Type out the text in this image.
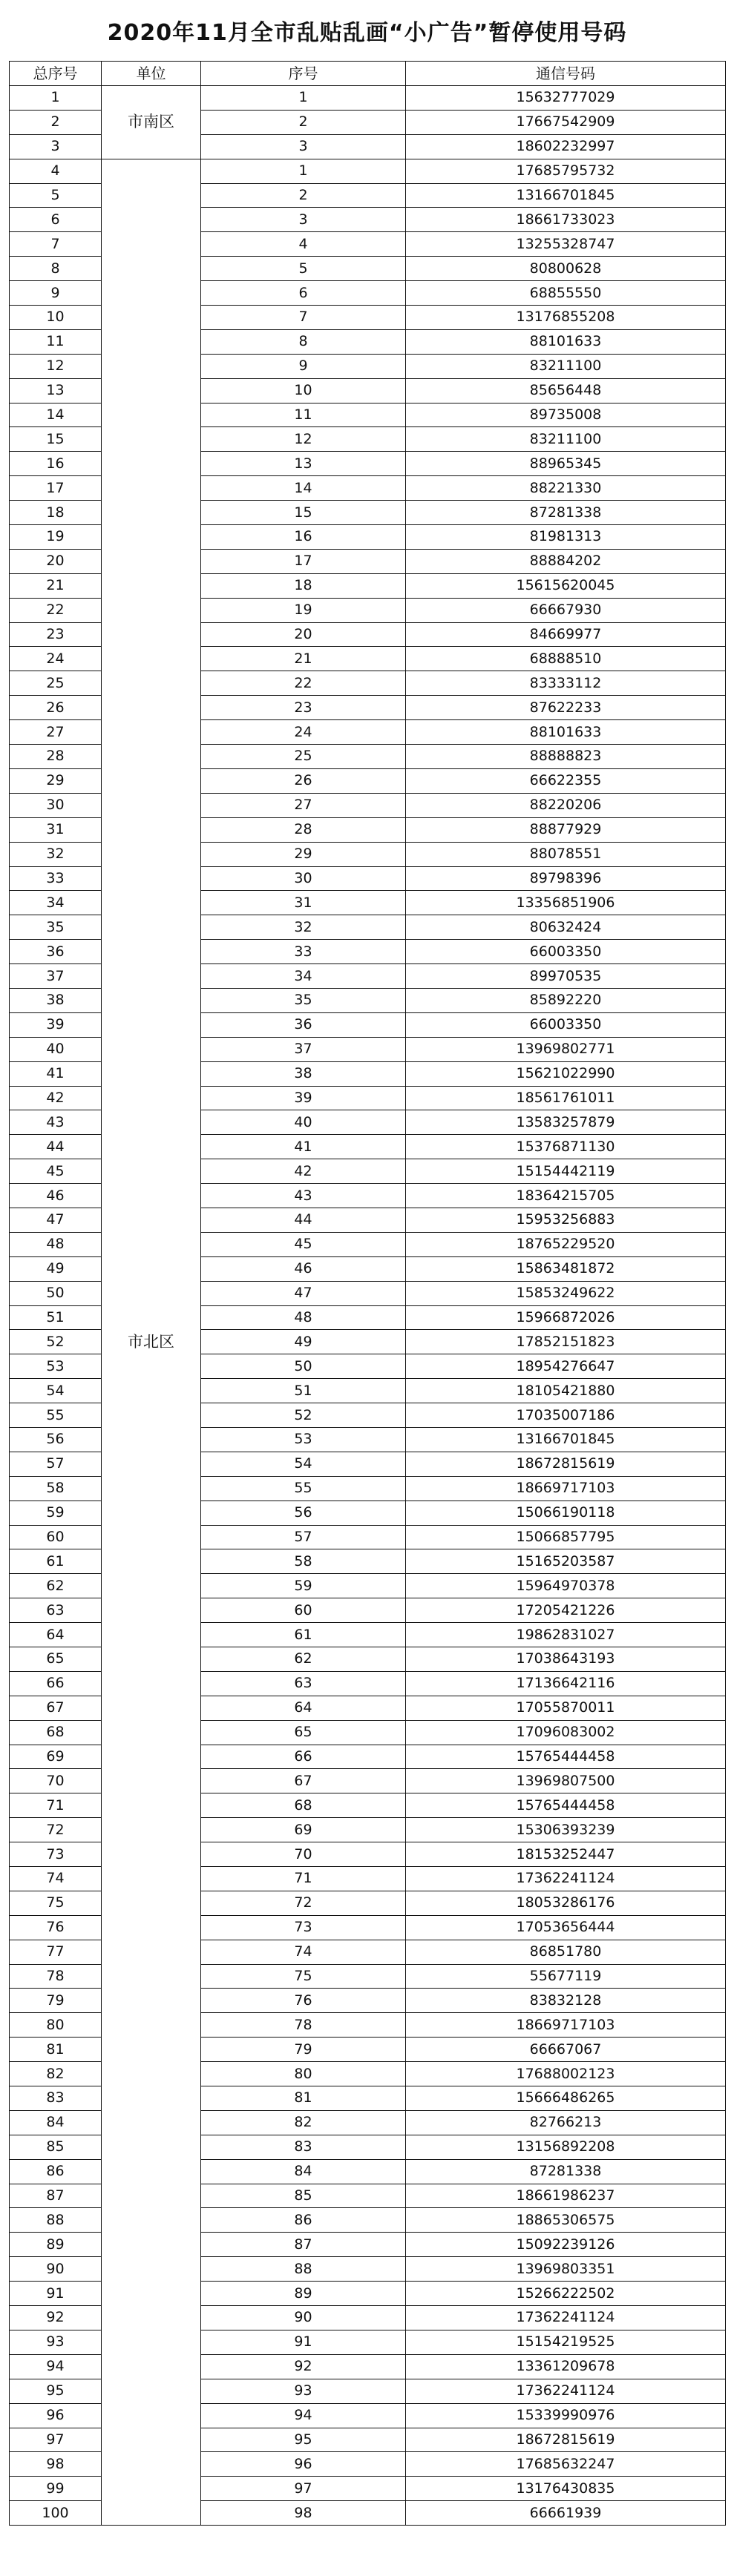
2020年11月全市乱贴乱画“小广告”暂停使用号码
总序号	单位	序号	通信号码
1	市南区	1	15632777029
2		2	17667542909
3		3	18602232997
4	市北区	1	17685795732
5		2	13166701845
6		3	18661733023
7		4	13255328747
8		5	80800628
9		6	68855550
10		7	13176855208
11		8	88101633
12		9	83211100
13		10	85656448
14		11	89735008
15		12	83211100
16		13	88965345
17		14	88221330
18		15	87281338
19		16	81981313
20		17	88884202
21		18	15615620045
22		19	66667930
23		20	84669977
24		21	68888510
25		22	83333112
26		23	87622233
27		24	88101633
28		25	88888823
29		26	66622355
30		27	88220206
31		28	88877929
32		29	88078551
33		30	89798396
34		31	13356851906
35		32	80632424
36		33	66003350
37		34	89970535
38		35	85892220
39		36	66003350
40		37	13969802771
41		38	15621022990
42		39	18561761011
43		40	13583257879
44		41	15376871130
45		42	15154442119
46		43	18364215705
47		44	15953256883
48		45	18765229520
49		46	15863481872
50		47	15853249622
51		48	15966872026
52		49	17852151823
53		50	18954276647
54		51	18105421880
55		52	17035007186
56		53	13166701845
57		54	18672815619
58		55	18669717103
59		56	15066190118
60		57	15066857795
61		58	15165203587
62		59	15964970378
63		60	17205421226
64		61	19862831027
65		62	17038643193
66		63	17136642116
67		64	17055870011
68		65	17096083002
69		66	15765444458
70		67	13969807500
71		68	15765444458
72		69	15306393239
73		70	18153252447
74		71	17362241124
75		72	18053286176
76		73	17053656444
77		74	86851780
78		75	55677119
79		76	83832128
80		78	18669717103
81		79	66667067
82		80	17688002123
83		81	15666486265
84		82	82766213
85		83	13156892208
86		84	87281338
87		85	18661986237
88		86	18865306575
89		87	15092239126
90		88	13969803351
91		89	15266222502
92		90	17362241124
93		91	15154219525
94		92	13361209678
95		93	17362241124
96		94	15339990976
97		95	18672815619
98		96	17685632247
99		97	13176430835
100		98	66661939
